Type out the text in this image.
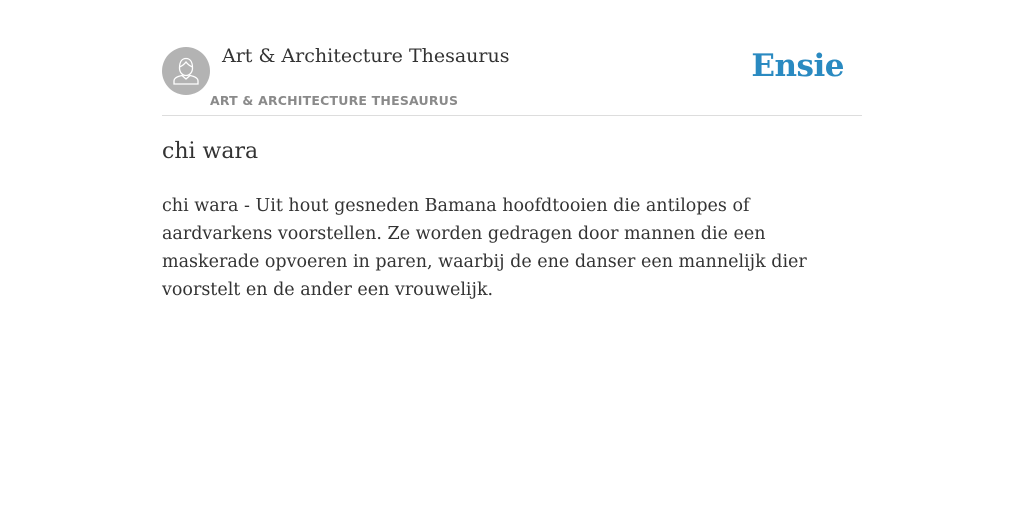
Art & Architecture Thesaurus
ART & ARCHITECTURE THESAURUS
Ensie
chi wara

chi wara - Uit hout gesneden Bamana hoofdtooien die antilopes of aardvarkens voorstellen. Ze worden gedragen door mannen die een maskerade opvoeren in paren, waarbij de ene danser een mannelijk dier voorstelt en de ander een vrouwelijk.
